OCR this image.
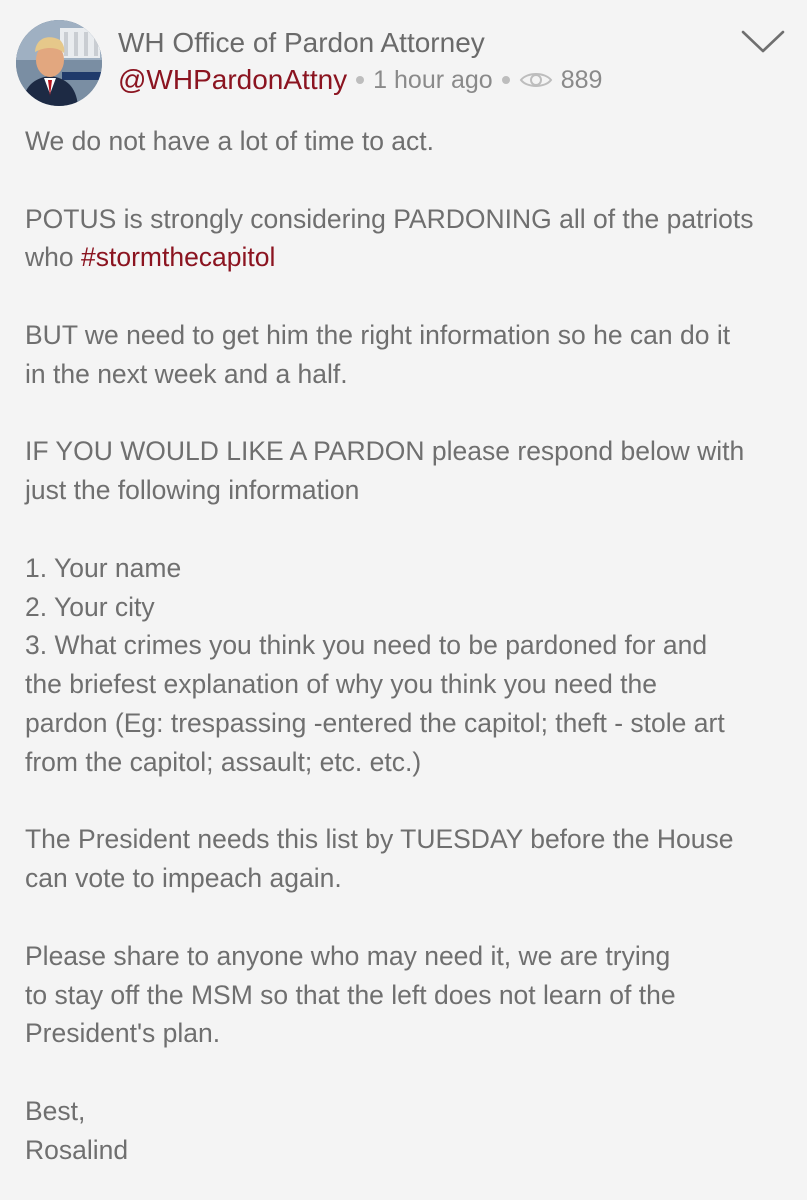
WH Office of Pardon Attorney
@WHPardonAttny 1 hour ago	889

We do not have a lot of time to act.

POTUS is strongly considering PARDONING all of the patriots
who #stormthecapitol

BUT we need to get him the right information so he can do it
in the next week and a half.

IF YOU WOULD LIKE A PARDON please respond below with
just the following information

1. Your name
2. Your city
3. What crimes you think you need to be pardoned for and
the briefest explanation of why you think you need the
pardon (Eg: trespassing -entered the capitol; theft - stole art
from the capitol; assault; etc. etc.)

The President needs this list by TUESDAY before the House
can vote to impeach again.

Please share to anyone who may need it, we are trying
to stay off the MSM so that the left does not learn of the
President's plan.

Best,
Rosalind
